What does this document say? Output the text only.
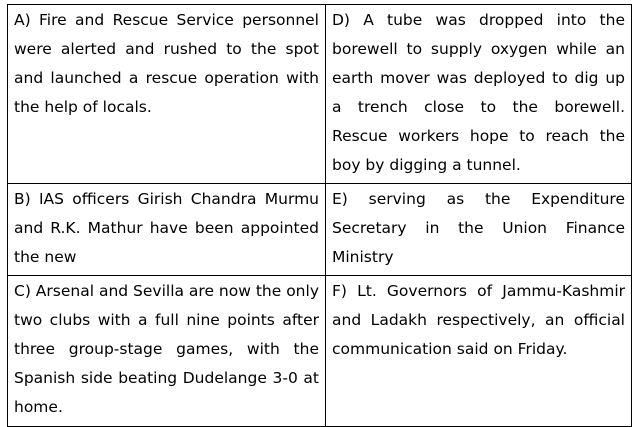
A) Fire and Rescue Service personnel were alerted and rushed to the spot and launched a rescue operation with the help of locals.	D) A tube was dropped into the borewell to supply oxygen while an earth mover was deployed to dig up a trench close to the borewell. Rescue workers hope to reach the boy by digging a tunnel.
B) IAS officers Girish Chandra Murmu and R.K. Mathur have been appointed the new	E) serving as the Expenditure Secretary in the Union Finance Ministry
C) Arsenal and Sevilla are now the only two clubs with a full nine points after three group-stage games, with the Spanish side beating Dudelange 3-0 at home.	F) Lt. Governors of Jammu-Kashmir and Ladakh respectively, an official communication said on Friday.
